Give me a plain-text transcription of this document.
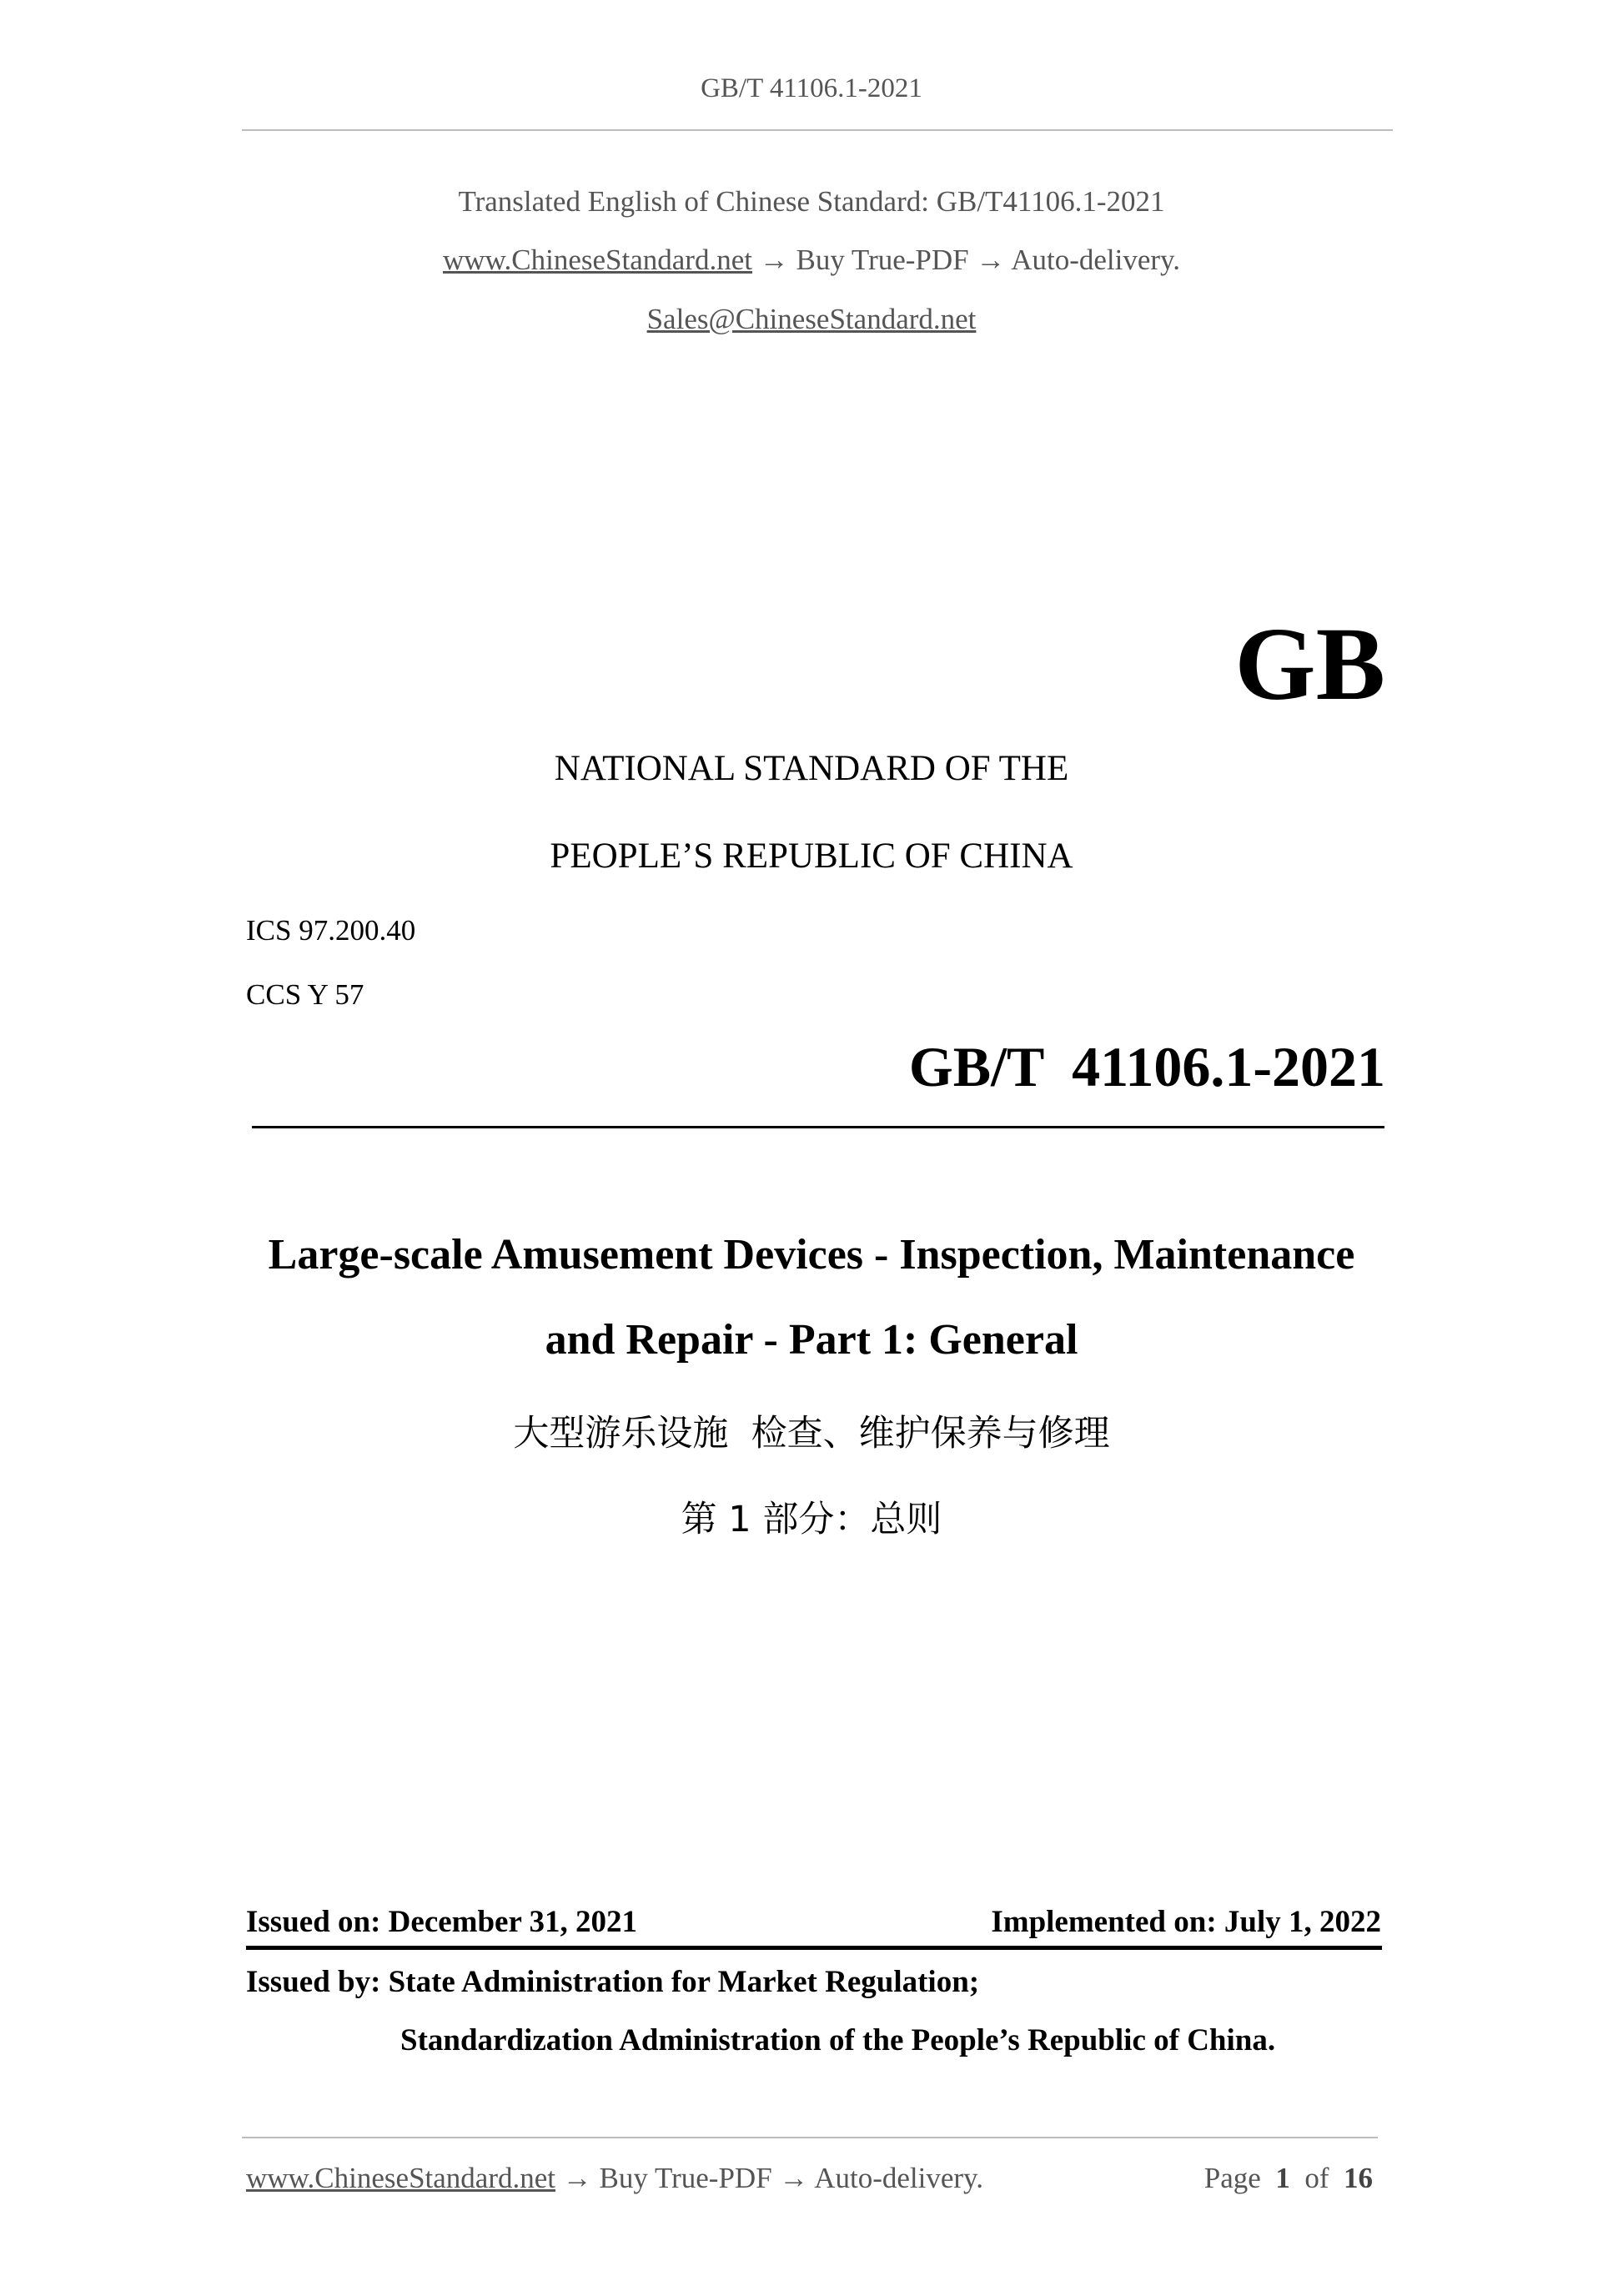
GB/T 41106.1-2021
Translated English of Chinese Standard: GB/T41106.1-2021
www.ChineseStandard.net → Buy True-PDF → Auto-delivery.
Sales@ChineseStandard.net
GB
NATIONAL STANDARD OF THE
PEOPLE’S REPUBLIC OF CHINA
ICS 97.200.40
CCS Y 57
GB/T  41106.1-2021
Large-scale Amusement Devices - Inspection, Maintenance
and Repair - Part 1: General
大型游乐设施  检查、维护保养与修理
第 1 部分：总则
Issued on: December 31, 2021	Implemented on: July 1, 2022
Issued by: State Administration for Market Regulation;
Standardization Administration of the People’s Republic of China.
www.ChineseStandard.net → Buy True-PDF → Auto-delivery.	Page 1 of 16
